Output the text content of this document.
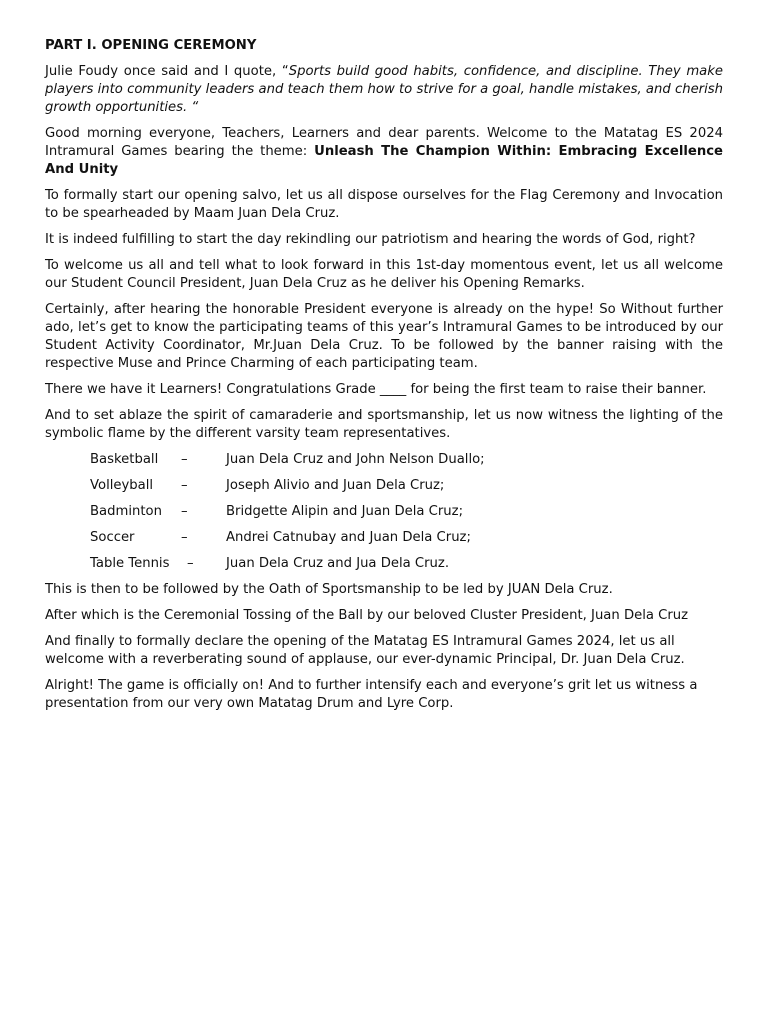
PART I. OPENING CEREMONY

Julie Foudy once said and I quote, “Sports build good habits, confidence, and discipline. They make players into community leaders and teach them how to strive for a goal, handle mistakes, and cherish growth opportunities. “

Good morning everyone, Teachers, Learners and dear parents. Welcome to the Matatag ES 2024 Intramural Games bearing the theme: Unleash The Champion Within: Embracing Excellence And Unity

To formally start our opening salvo, let us all dispose ourselves for the Flag Ceremony and Invocation to be spearheaded by Maam Juan Dela Cruz.

It is indeed fulfilling to start the day rekindling our patriotism and hearing the words of God, right?

To welcome us all and tell what to look forward in this 1st-day momentous event, let us all welcome our Student Council President, Juan Dela Cruz as he deliver his Opening Remarks.

Certainly, after hearing the honorable President everyone is already on the hype! So Without further ado, let’s get to know the participating teams of this year’s Intramural Games to be introduced by our Student Activity Coordinator, Mr.Juan Dela Cruz. To be followed by the banner raising with the respective Muse and Prince Charming of each participating team.

There we have it Learners! Congratulations Grade ____ for being the first team to raise their banner.

And to set ablaze the spirit of camaraderie and sportsmanship, let us now witness the lighting of the symbolic flame by the different varsity team representatives.

Basketball –	Juan Dela Cruz and John Nelson Duallo;
Volleyball –	Joseph Alivio and Juan Dela Cruz;
Badminton –	Bridgette Alipin and Juan Dela Cruz;
Soccer	–	Andrei Catnubay and Juan Dela Cruz;
Table Tennis – Juan Dela Cruz and Jua Dela Cruz.

This is then to be followed by the Oath of Sportsmanship to be led by JUAN Dela Cruz.

After which is the Ceremonial Tossing of the Ball by our beloved Cluster President, Juan Dela Cruz

And finally to formally declare the opening of the Matatag ES Intramural Games 2024, let us all welcome with a reverberating sound of applause, our ever-dynamic Principal, Dr. Juan Dela Cruz.

Alright! The game is officially on! And to further intensify each and everyone’s grit let us witness a presentation from our very own Matatag Drum and Lyre Corp.
